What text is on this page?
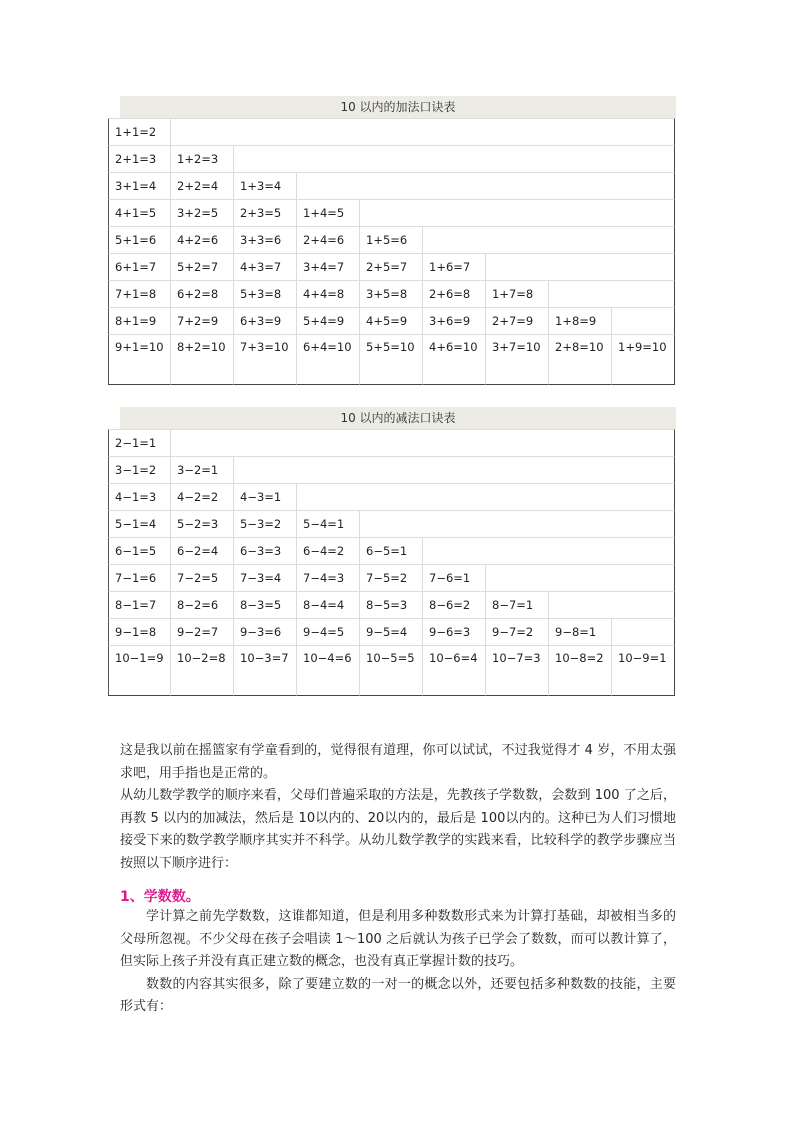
10 以内的加法口诀表
1+1=2
2+1=3	1+2=3
3+1=4	2+2=4	1+3=4
4+1=5	3+2=5	2+3=5	1+4=5
5+1=6	4+2=6	3+3=6	2+4=6	1+5=6
6+1=7	5+2=7	4+3=7	3+4=7	2+5=7	1+6=7
7+1=8	6+2=8	5+3=8	4+4=8	3+5=8	2+6=8	1+7=8
8+1=9	7+2=9	6+3=9	5+4=9	4+5=9	3+6=9	2+7=9	1+8=9
9+1=10	8+2=10	7+3=10	6+4=10	5+5=10	4+6=10	3+7=10	2+8=10	1+9=10
10 以内的减法口诀表
2−1=1
3−1=2	3−2=1
4−1=3	4−2=2	4−3=1
5−1=4	5−2=3	5−3=2	5−4=1
6−1=5	6−2=4	6−3=3	6−4=2	6−5=1
7−1=6	7−2=5	7−3=4	7−4=3	7−5=2	7−6=1
8−1=7	8−2=6	8−3=5	8−4=4	8−5=3	8−6=2	8−7=1
9−1=8	9−2=7	9−3=6	9−4=5	9−5=4	9−6=3	9−7=2	9−8=1
10−1=9	10−2=8	10−3=7	10−4=6	10−5=5	10−6=4	10−7=3	10−8=2	10−9=1

这是我以前在摇篮家有学童看到的，觉得很有道理，你可以试试，不过我觉得才 4 岁，不用太强求吧，用手指也是正常的。

从幼儿数学教学的顺序来看，父母们普遍采取的方法是，先教孩子学数数，会数到 100 了之后，再教 5 以内的加减法，然后是 10以内的、20以内的，最后是 100以内的。这种已为人们习惯地接受下来的数学教学顺序其实并不科学。从幼儿数学教学的实践来看，比较科学的教学步骤应当按照以下顺序进行：

1、学数数。

学计算之前先学数数，这谁都知道，但是利用多种数数形式来为计算打基础，却被相当多的父母所忽视。不少父母在孩子会唱读 1～100 之后就认为孩子已学会了数数，而可以教计算了，但实际上孩子并没有真正建立数的概念，也没有真正掌握计数的技巧。

数数的内容其实很多，除了要建立数的一对一的概念以外，还要包括多种数数的技能，主要形式有：
